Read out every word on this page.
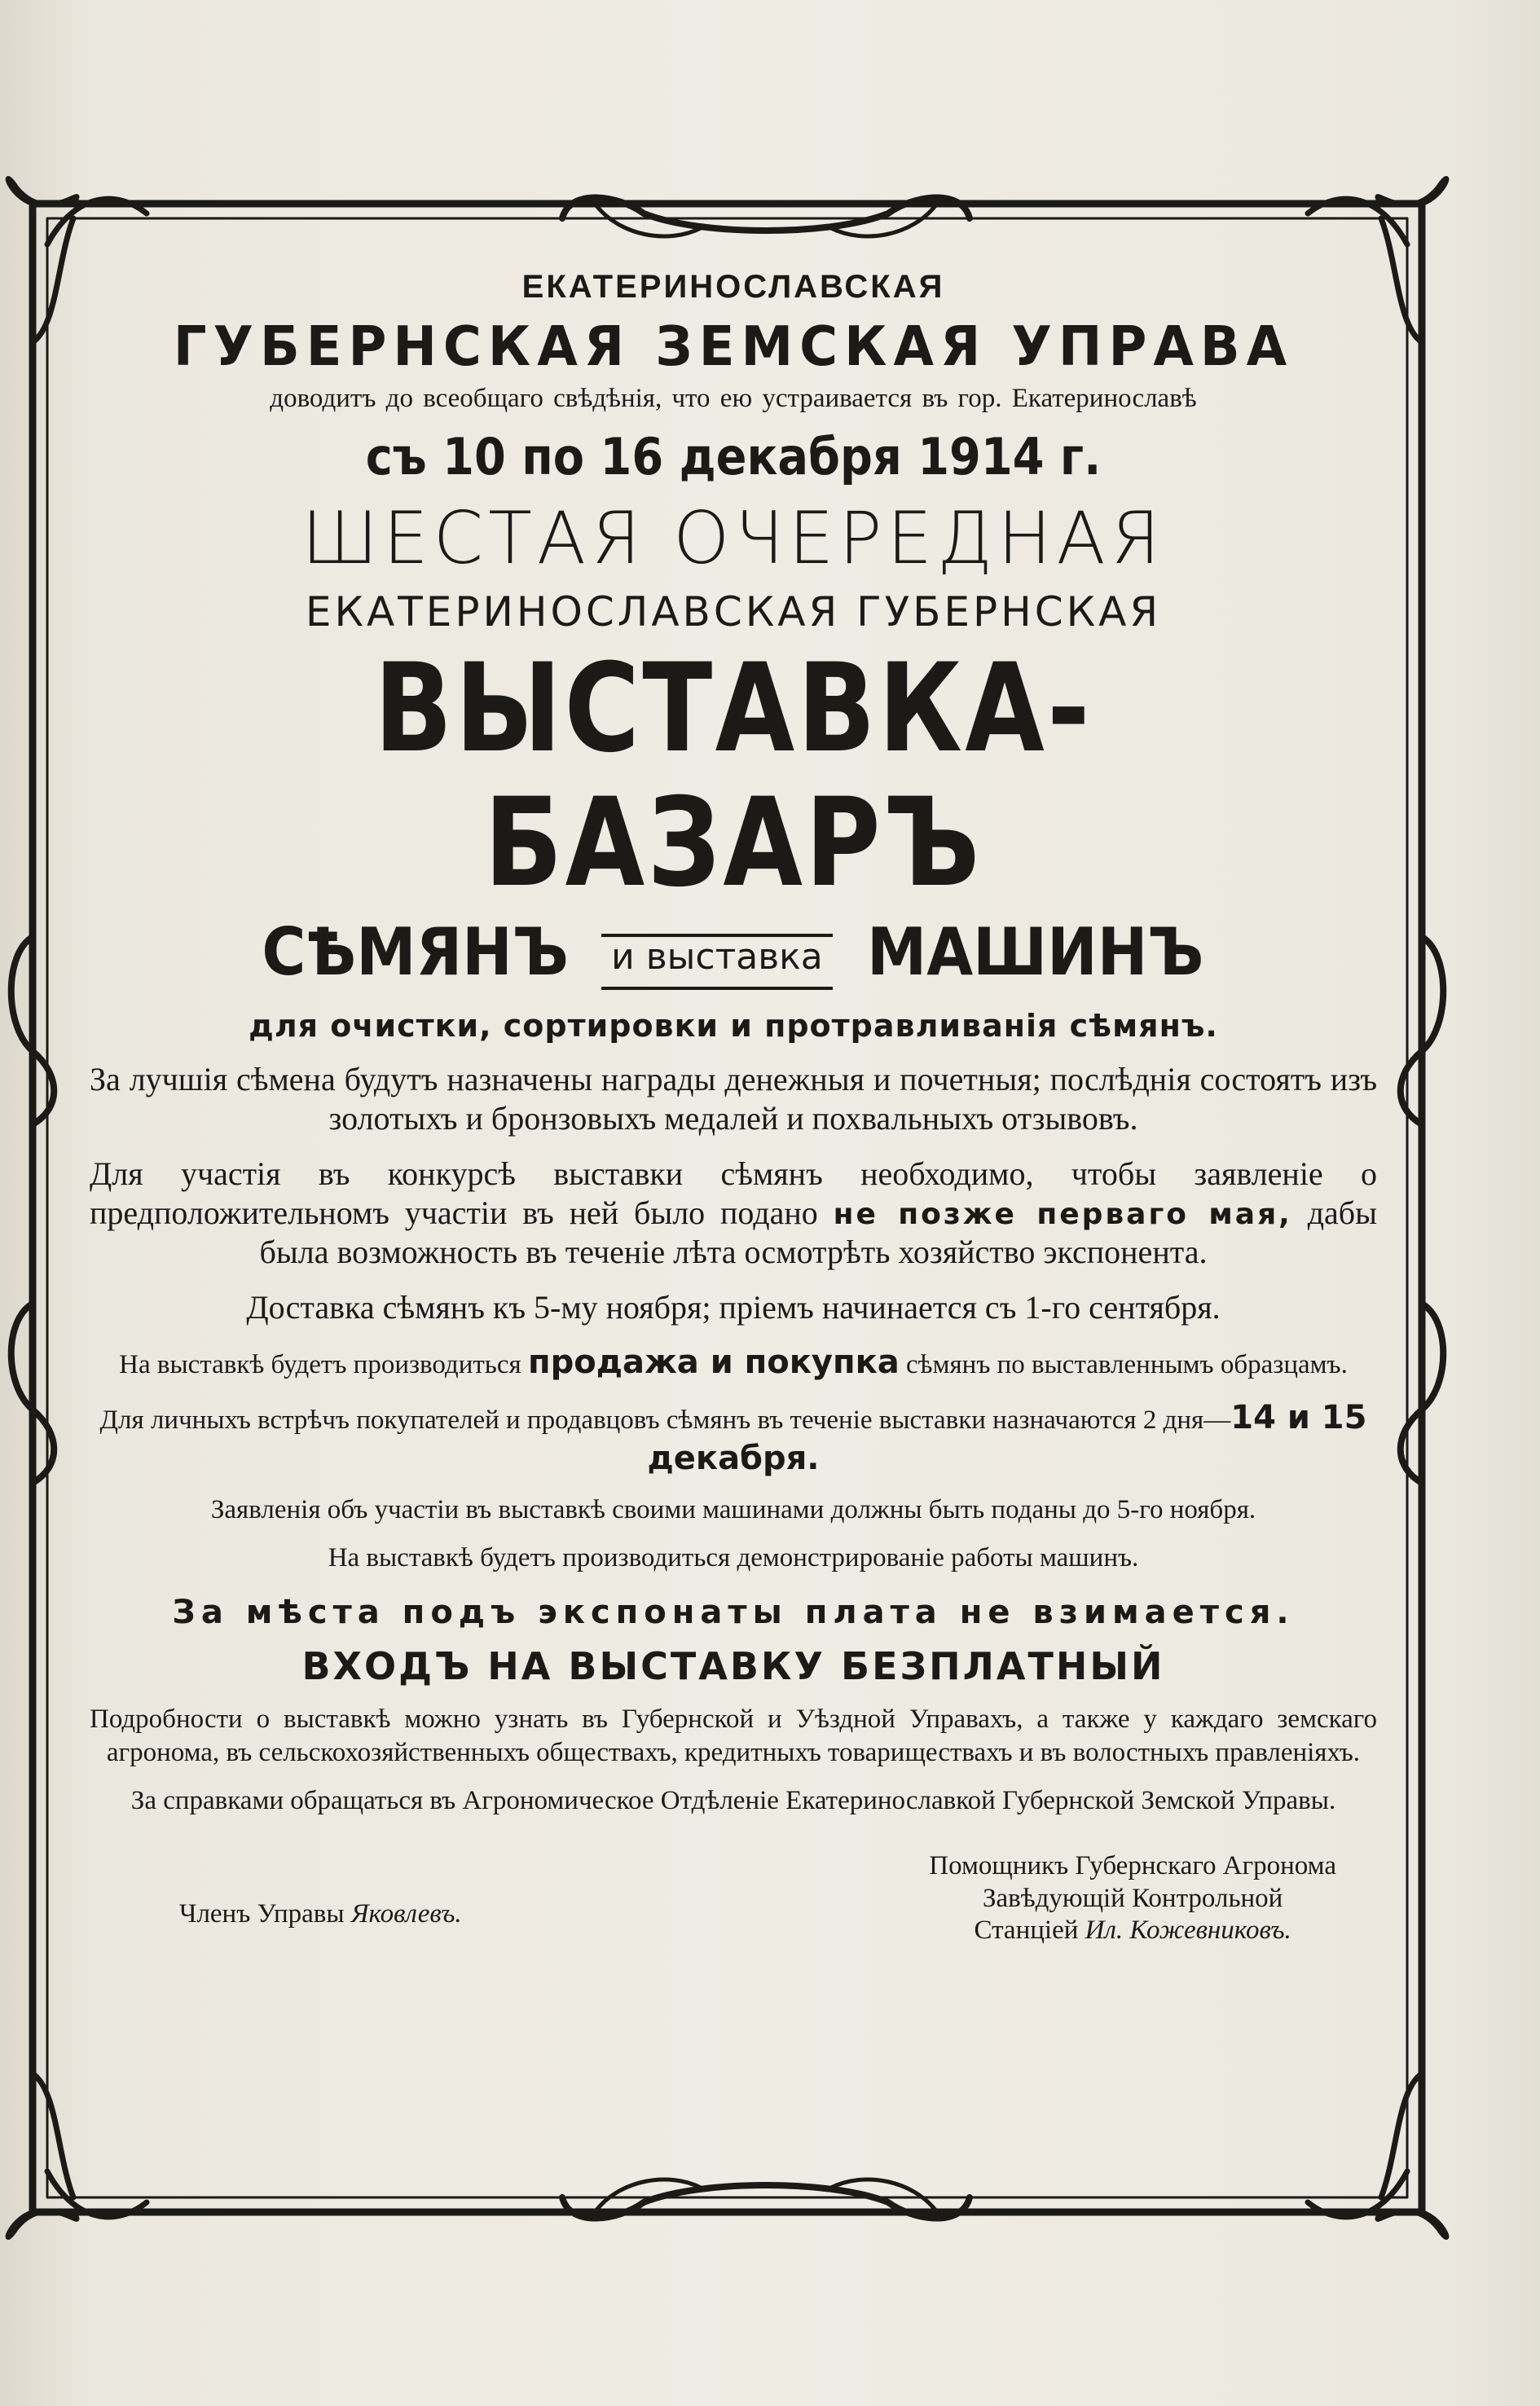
ЕКАТЕРИНОСЛАВСКАЯ
ГУБЕРНСКАЯ ЗЕМСКАЯ УПРАВА
доводитъ до всеобщаго свѣдѣнія, что ею устраивается въ гор. Екатеринославѣ
съ 10 по 16 декабря 1914 г.
ШЕСТАЯ ОЧЕРЕДНАЯ
ЕКАТЕРИНОСЛАВСКАЯ ГУБЕРНСКАЯ
ВЫСТАВКА-БАЗАРЪ
СѢМЯНЪ и выставка МАШИНЪ
для очистки, сортировки и протравливанія сѣмянъ.
За лучшія сѣмена будутъ назначены награды денежныя и почетныя; послѣднія состоятъ изъ золотыхъ и бронзовыхъ медалей и похвальныхъ отзывовъ.
Для участія въ конкурсѣ выставки сѣмянъ необходимо, чтобы заявленіе о предположительномъ участіи въ ней было подано не позже перваго мая, дабы была возможность въ теченіе лѣта осмотрѣть хозяйство экспонента.
Доставка сѣмянъ къ 5-му ноября; пріемъ начинается съ 1-го сентября.
На выставкѣ будетъ производиться продажа и покупка сѣмянъ по выставленнымъ образцамъ.
Для личныхъ встрѣчъ покупателей и продавцовъ сѣмянъ въ теченіе выставки назначаются 2 дня—14 и 15 декабря.
Заявленія объ участіи въ выставкѣ своими машинами должны быть поданы до 5-го ноября.
На выставкѣ будетъ производиться демонстрированіе работы машинъ.
За мѣста подъ экспонаты плата не взимается.
ВХОДЪ НА ВЫСТАВКУ БЕЗПЛАТНЫЙ
Подробности о выставкѣ можно узнать въ Губернской и Уѣздной Управахъ, а также у каждаго земскаго агронома, въ сельскохозяйственныхъ обществахъ, кредитныхъ товариществахъ и въ волостныхъ правленіяхъ.
За справками обращаться въ Агрономическое Отдѣленіе Екатеринославкой Губернской Земской Управы.
Членъ Управы Яковлевъ.
Помощникъ Губернскаго Агронома
Завѣдующій Контрольной
Станціей Ил. Кожевниковъ.
